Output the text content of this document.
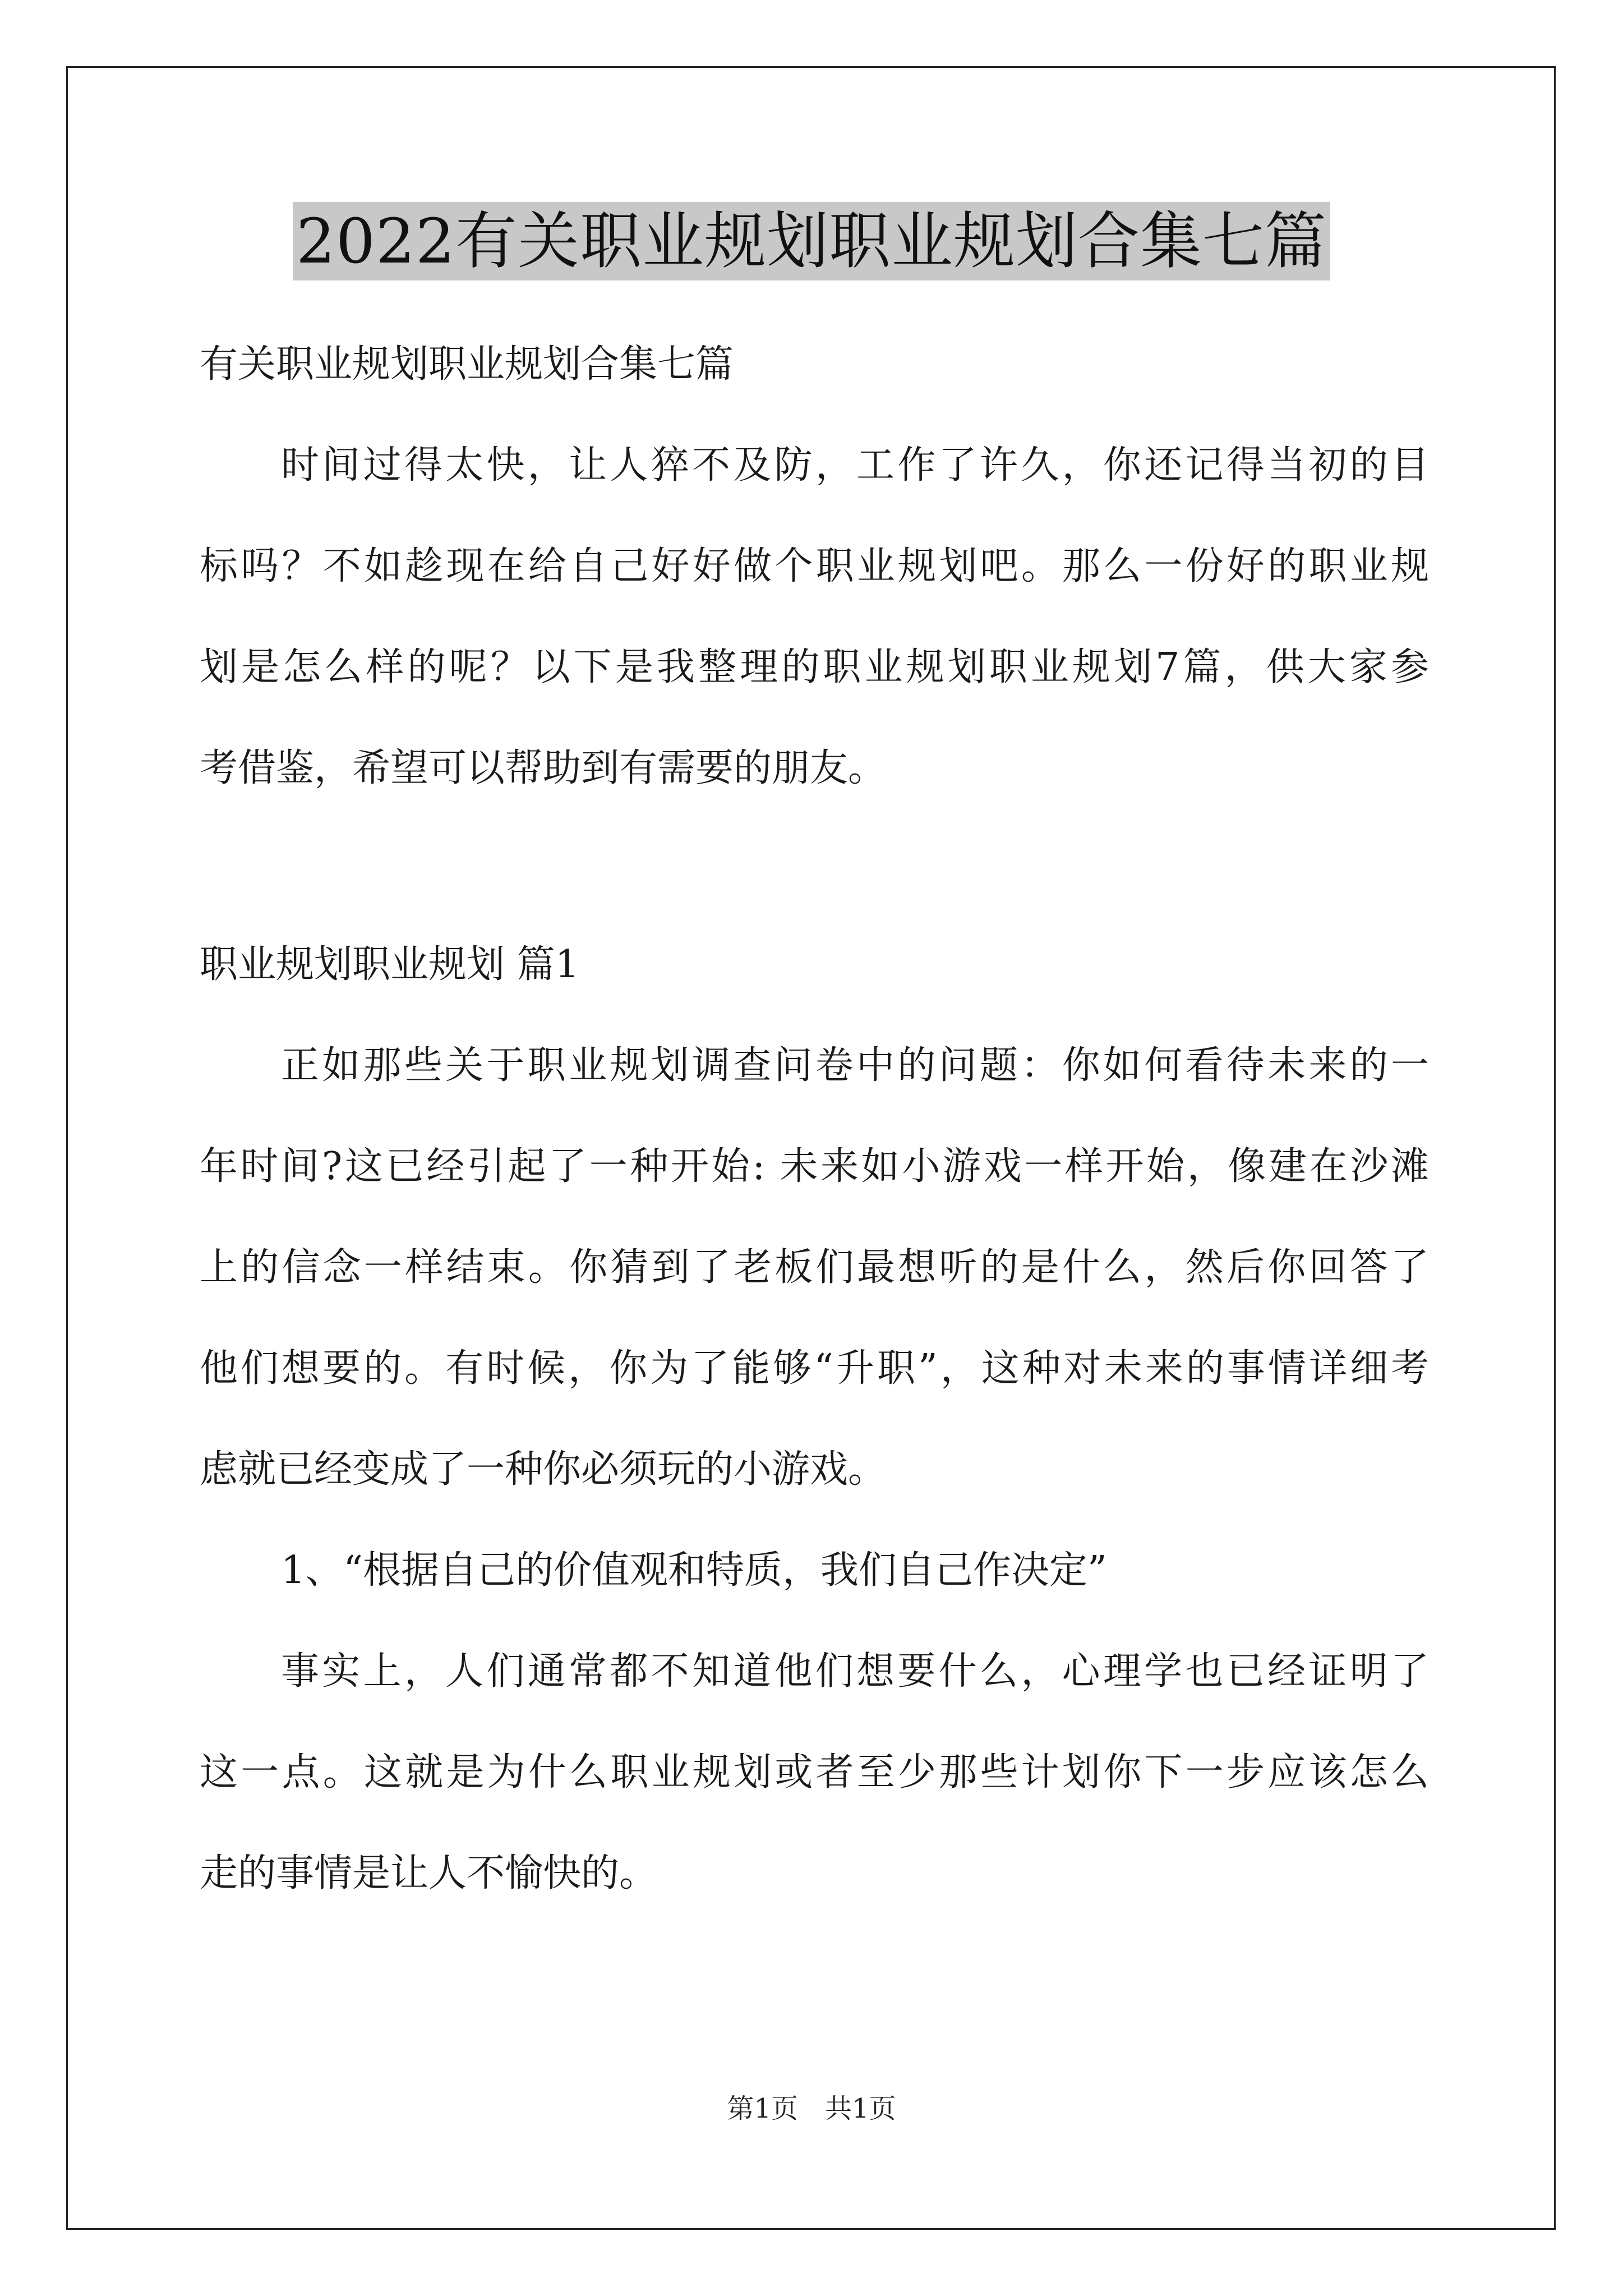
2022有关职业规划职业规划合集七篇
有关职业规划职业规划合集七篇
时间过得太快，让人猝不及防，工作了许久，你还记得当初的目
标吗？不如趁现在给自己好好做个职业规划吧。那么一份好的职业规
划是怎么样的呢？以下是我整理的职业规划职业规划7篇，供大家参
考借鉴，希望可以帮助到有需要的朋友。
职业规划职业规划 篇1
正如那些关于职业规划调查问卷中的问题：你如何看待未来的一
年时间?这已经引起了一种开始: 未来如小游戏一样开始，像建在沙滩
上的信念一样结束。你猜到了老板们最想听的是什么，然后你回答了
他们想要的。有时候，你为了能够“升职”，这种对未来的事情详细考
虑就已经变成了一种你必须玩的小游戏。
1、“根据自己的价值观和特质，我们自己作决定”
事实上，人们通常都不知道他们想要什么，心理学也已经证明了
这一点。这就是为什么职业规划或者至少那些计划你下一步应该怎么
走的事情是让人不愉快的。
第1页 共1页
